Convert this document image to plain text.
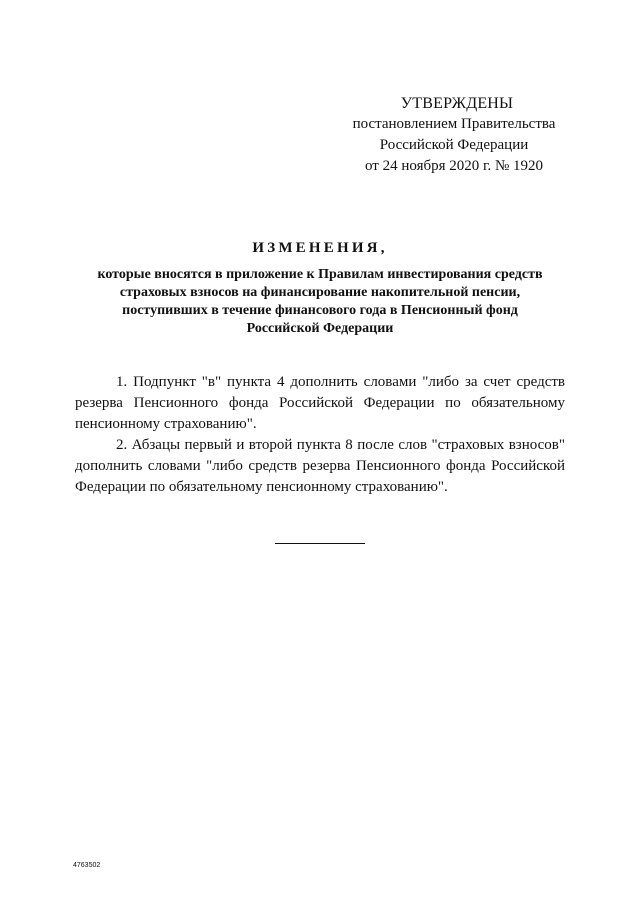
УТВЕРЖДЕНЫ
постановлением Правительства
Российской Федерации
от 24 ноября 2020 г. № 1920
ИЗМЕНЕНИЯ,
которые вносятся в приложение к Правилам инвестирования средств
страховых взносов на финансирование накопительной пенсии,
поступивших в течение финансового года в Пенсионный фонд
Российской Федерации

1. Подпункт "в" пункта 4 дополнить словами "либо за счет средств резерва Пенсионного фонда Российской Федерации по обязательному пенсионному страхованию".

2. Абзацы первый и второй пункта 8 после слов "страховых взносов" дополнить словами "либо средств резерва Пенсионного фонда Российской Федерации по обязательному пенсионному страхованию".

4763502
